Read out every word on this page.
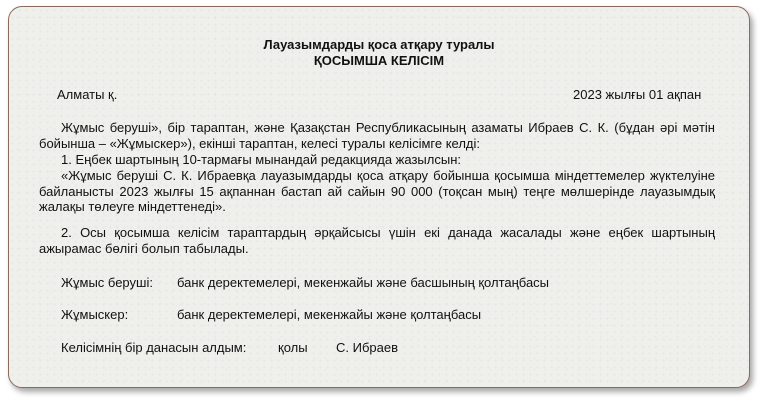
Лауазымдарды қоса атқару туралы
ҚОСЫМША КЕЛІСІМ
Алматы қ.	2023 жылғы 01 ақпан
Жұмыс беруші», бір тараптан, және Қазақстан Республикасының азаматы Ибраев С. К. (бұдан әрі мәтін бойынша – «Жұмыскер»), екінші тараптан, келесі туралы келісімге келді:
1. Еңбек шартының 10-тармағы мынандай редакцияда жазылсын:
«Жұмыс беруші С. К. Ибраевқа лауазымдарды қоса атқару бойынша қосымша міндеттемелер жүктелуіне байланысты 2023 жылғы 15 ақпаннан бастап ай сайын 90 000 (тоқсан мың) теңге мөлшерінде лауазымдық жалақы төлеуге міндеттенеді».
2. Осы қосымша келісім тараптардың әрқайсысы үшін екі данада жасалады және еңбек шартының ажырамас бөлігі болып табылады.
Жұмыс беруші: банк деректемелері, мекенжайы және басшының қолтаңбасы
Жұмыскер:	банк деректемелері, мекенжайы және қолтаңбасы
Келісімнің бір данасын алдым: қолы С. Ибраев
